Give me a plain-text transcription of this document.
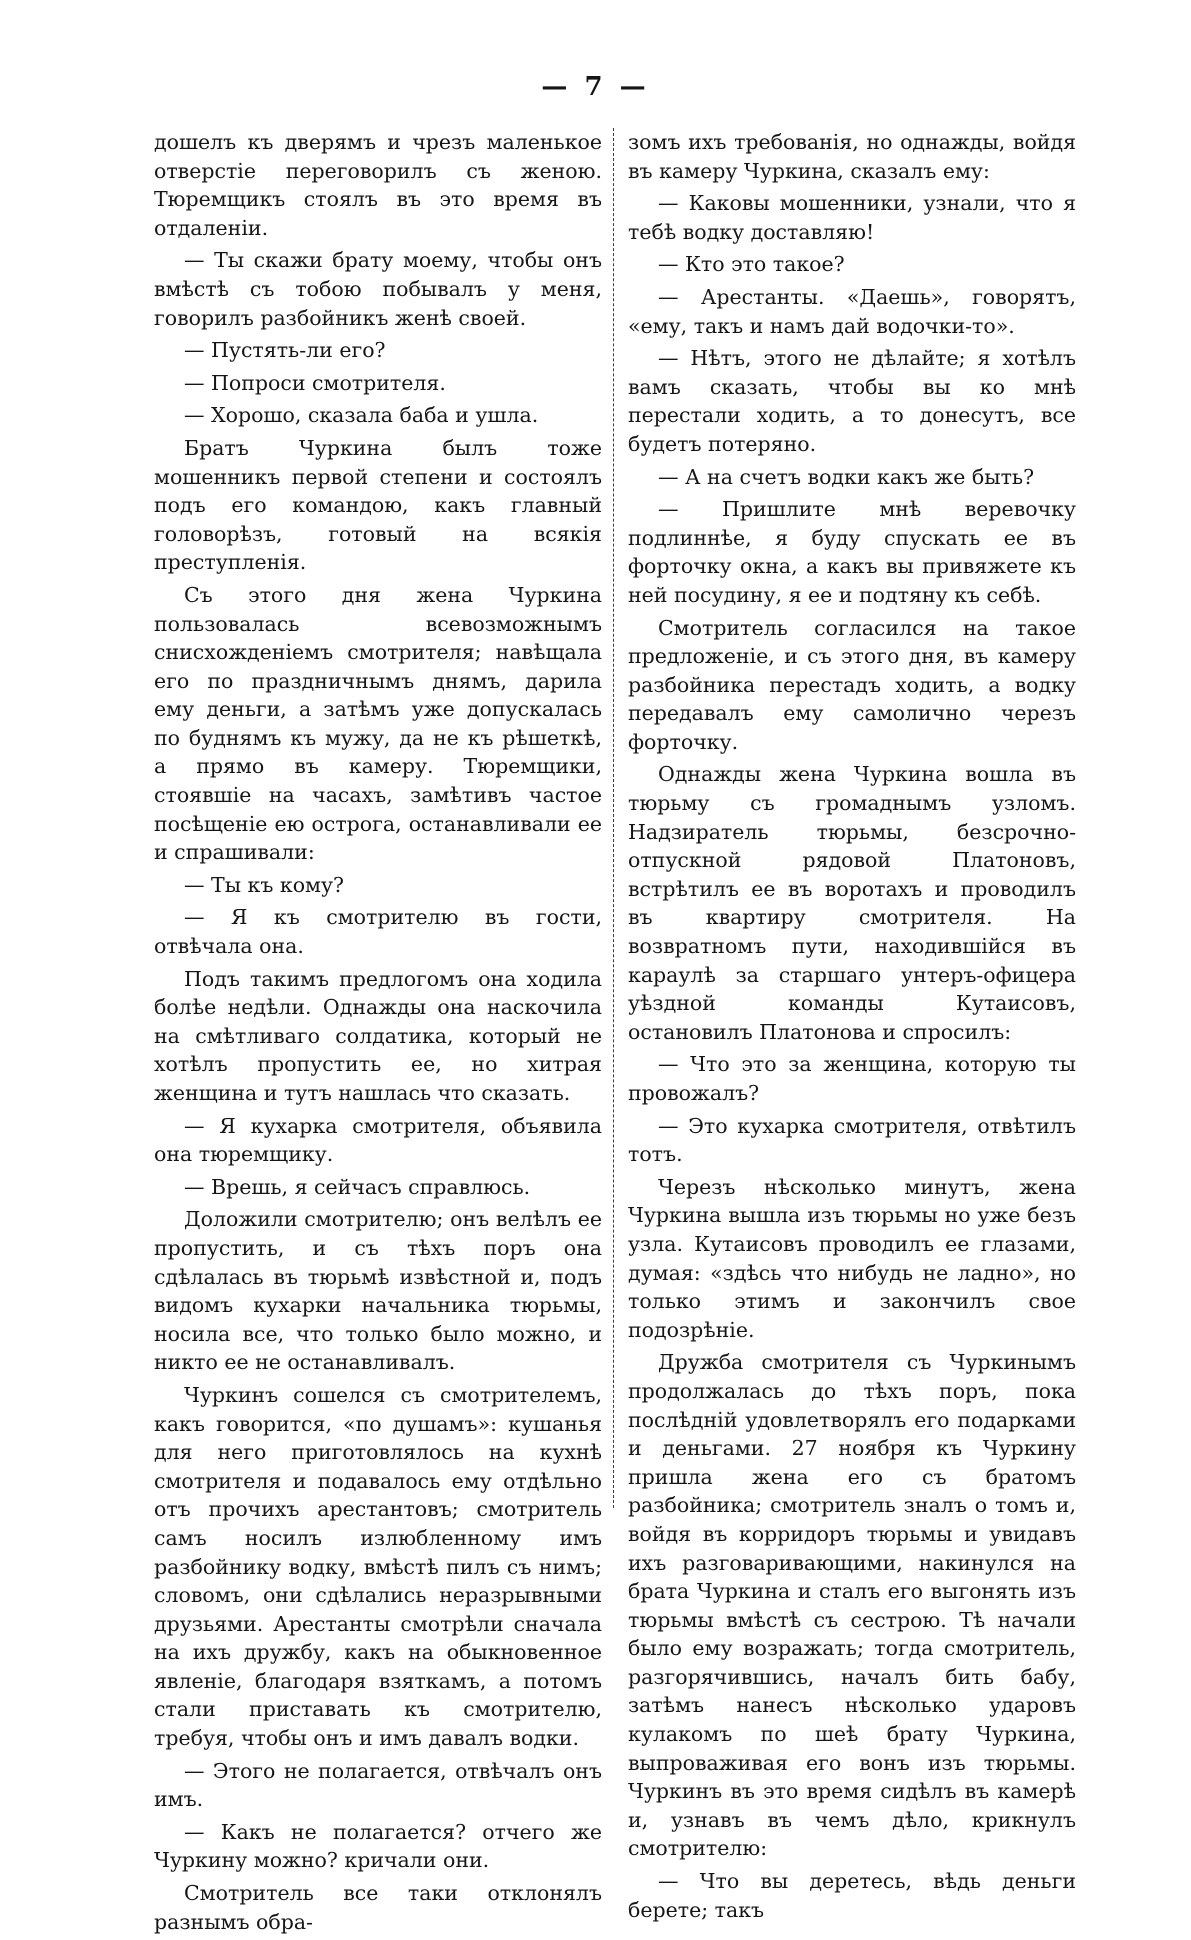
— 7 —

дошелъ къ дверямъ и чрезъ маленькое отверстіе переговорилъ съ женою. Тюремщикъ стоялъ въ это время въ отдаленіи.

— Ты скажи брату моему, чтобы онъ вмѣстѣ съ тобою побывалъ у меня, говорилъ разбойникъ женѣ своей.

— Пустять-ли его?

— Попроси смотрителя.

— Хорошо, сказала баба и ушла.

Братъ Чуркина былъ тоже мошенникъ первой степени и состоялъ подъ его командою, какъ главный головорѣзъ, готовый на всякія преступленія.

Съ этого дня жена Чуркина пользовалась всевозможнымъ снисхожденіемъ смотрителя; навѣщала его по праздничнымъ днямъ, дарила ему деньги, а затѣмъ уже допускалась по буднямъ къ мужу, да не къ рѣшеткѣ, а прямо въ камеру. Тюремщики, стоявшіе на часахъ, замѣтивъ частое посѣщеніе ею острога, останавливали ее и спрашивали:

— Ты къ кому?

— Я къ смотрителю въ гости, отвѣчала она.

Подъ такимъ предлогомъ она ходила болѣе недѣли. Однажды она наскочила на смѣтливаго солдатика, который не хотѣлъ пропустить ее, но хитрая женщина и тутъ нашлась что сказать.

— Я кухарка смотрителя, объявила она тюремщику.

— Врешь, я сейчасъ справлюсь.

Доложили смотрителю; онъ велѣлъ ее пропустить, и съ тѣхъ поръ она сдѣлалась въ тюрьмѣ извѣстной и, подъ видомъ кухарки начальника тюрьмы, носила все, что только было можно, и никто ее не останавливалъ.

Чуркинъ сошелся съ смотрителемъ, какъ говорится, «по душамъ»: кушанья для него приготовлялось на кухнѣ смотрителя и подавалось ему отдѣльно отъ прочихъ арестантовъ; смотритель самъ носилъ излюбленному имъ разбойнику водку, вмѣстѣ пилъ съ нимъ; словомъ, они сдѣлались неразрывными друзьями. Арестанты смотрѣли сначала на ихъ дружбу, какъ на обыкновенное явленіе, благодаря взяткамъ, а потомъ стали приставать къ смотрителю, требуя, чтобы онъ и имъ давалъ водки.

— Этого не полагается, отвѣчалъ онъ имъ.

— Какъ не полагается? отчего же Чуркину можно? кричали они.

Смотритель все таки отклонялъ разнымъ обра-

зомъ ихъ требованія, но однажды, войдя въ камеру Чуркина, сказалъ ему:

— Каковы мошенники, узнали, что я тебѣ водку доставляю!

— Кто это такое?

— Арестанты. «Даешь», говорятъ, «ему, такъ и намъ дай водочки-то».

— Нѣтъ, этого не дѣлайте; я хотѣлъ вамъ сказать, чтобы вы ко мнѣ перестали ходить, а то донесутъ, все будетъ потеряно.

— А на счетъ водки какъ же быть?

— Пришлите мнѣ веревочку подлиннѣе, я буду спускать ее въ форточку окна, а какъ вы привяжете къ ней посудину, я ее и подтяну къ себѣ.

Смотритель согласился на такое предложеніе, и съ этого дня, въ камеру разбойника перестадъ ходить, а водку передавалъ ему самолично черезъ форточку.

Однажды жена Чуркина вошла въ тюрьму съ громаднымъ узломъ. Надзиратель тюрьмы, безсрочно-отпускной рядовой Платоновъ, встрѣтилъ ее въ воротахъ и проводилъ въ квартиру смотрителя. На возвратномъ пути, находившійся въ караулѣ за старшаго унтеръ-офицера уѣздной команды Кутаисовъ, остановилъ Платонова и спросилъ:

— Что это за женщина, которую ты провожалъ?

— Это кухарка смотрителя, отвѣтилъ тотъ.

Черезъ нѣсколько минутъ, жена Чуркина вышла изъ тюрьмы но уже безъ узла. Кутаисовъ проводилъ ее глазами, думая: «здѣсь что нибудь не ладно», но только этимъ и закончилъ свое подозрѣніе.

Дружба смотрителя съ Чуркинымъ продолжалась до тѣхъ поръ, пока послѣдній удовлетворялъ его подарками и деньгами. 27 ноября къ Чуркину пришла жена его съ братомъ разбойника; смотритель зналъ о томъ и, войдя въ корридоръ тюрьмы и увидавъ ихъ разговаривающими, накинулся на брата Чуркина и сталъ его выгонять изъ тюрьмы вмѣстѣ съ сестрою. Тѣ начали было ему возражать; тогда смотритель, разгорячившись, началъ бить бабу, затѣмъ нанесъ нѣсколько ударовъ кулакомъ по шеѣ брату Чуркина, выпроваживая его вонъ изъ тюрьмы. Чуркинъ въ это время сидѣлъ въ камерѣ и, узнавъ въ чемъ дѣло, крикнулъ смотрителю:

— Что вы деретесь, вѣдь деньги берете; такъ
